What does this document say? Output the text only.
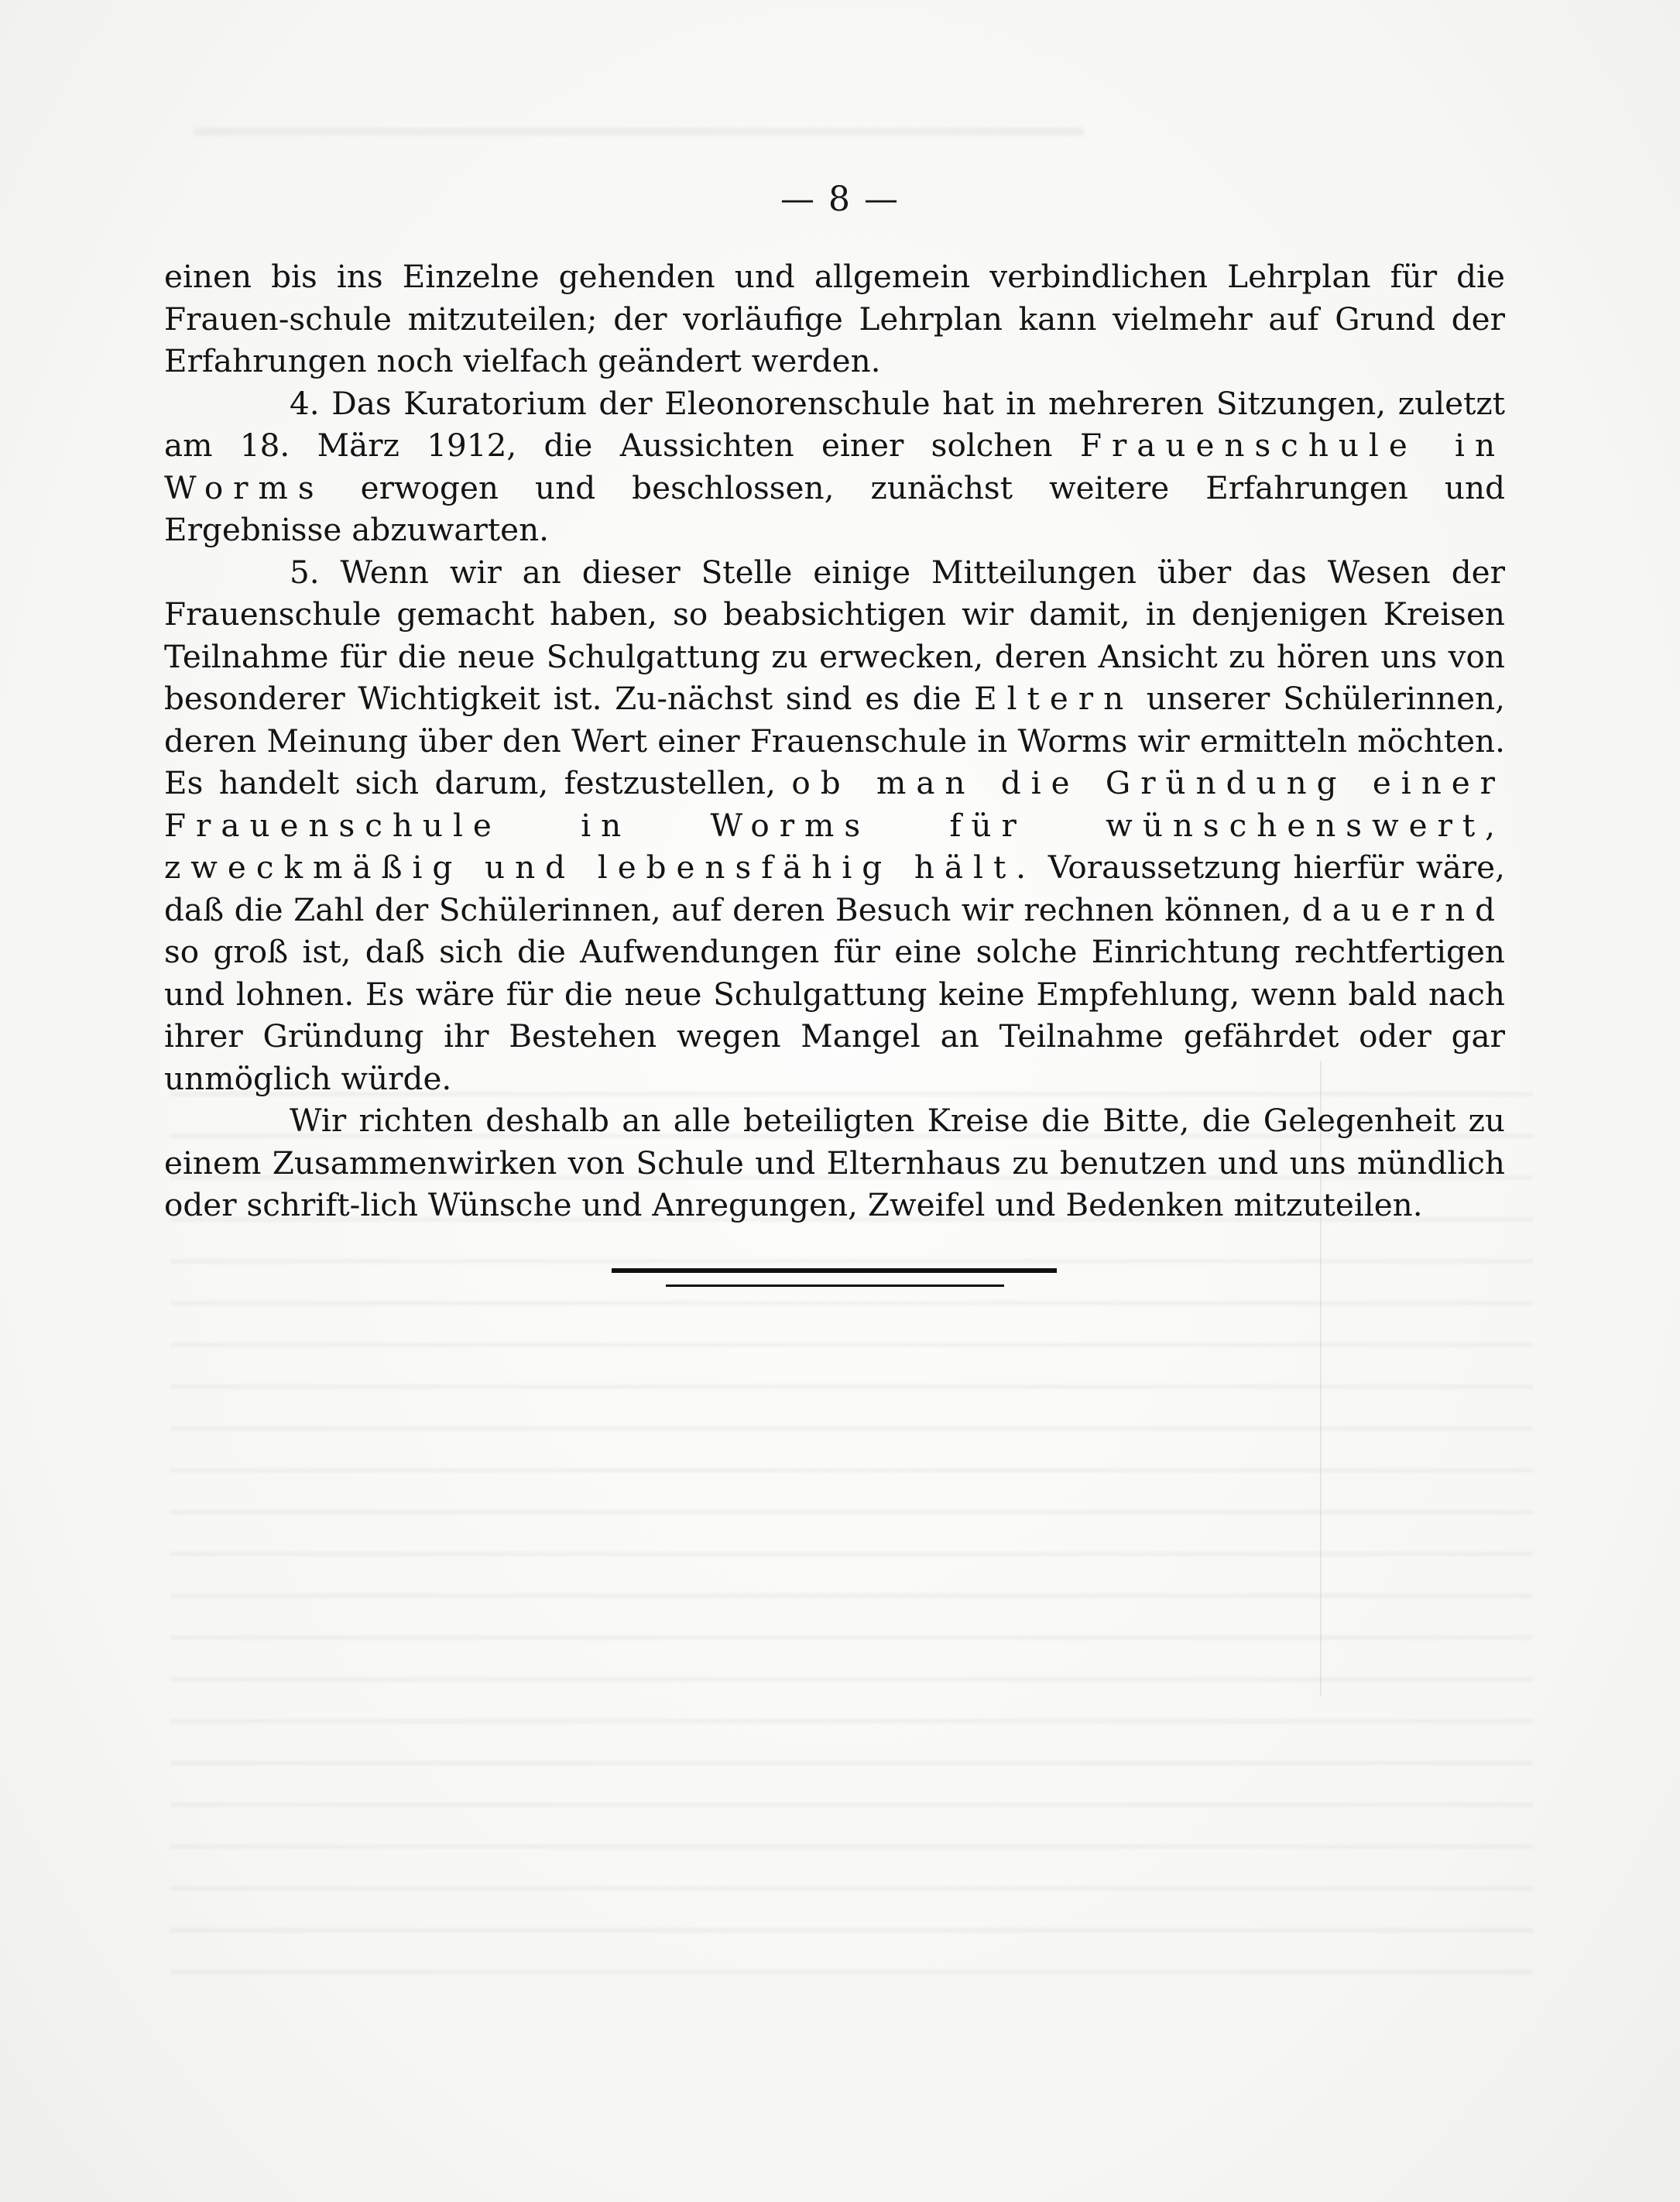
— 8 —

einen bis ins Einzelne gehenden und allgemein verbindlichen Lehrplan für die Frauen-schule mitzuteilen; der vorläufige Lehrplan kann vielmehr auf Grund der Erfahrungen noch vielfach geändert werden.

4. Das Kuratorium der Eleonorenschule hat in mehreren Sitzungen, zuletzt am 18. März 1912, die Aussichten einer solchen Frauenschule in Worms erwogen und beschlossen, zunächst weitere Erfahrungen und Ergebnisse abzuwarten.

5. Wenn wir an dieser Stelle einige Mitteilungen über das Wesen der Frauenschule gemacht haben, so beabsichtigen wir damit, in denjenigen Kreisen Teilnahme für die neue Schulgattung zu erwecken, deren Ansicht zu hören uns von besonderer Wichtigkeit ist. Zu-nächst sind es die Eltern unserer Schülerinnen, deren Meinung über den Wert einer Frauenschule in Worms wir ermitteln möchten. Es handelt sich darum, festzustellen, ob man die Gründung einer Frauenschule in Worms für wünschenswert, zweckmäßig und lebensfähig hält. Voraussetzung hierfür wäre, daß die Zahl der Schülerinnen, auf deren Besuch wir rechnen können, dauernd so groß ist, daß sich die Aufwendungen für eine solche Einrichtung rechtfertigen und lohnen. Es wäre für die neue Schulgattung keine Empfehlung, wenn bald nach ihrer Gründung ihr Bestehen wegen Mangel an Teilnahme gefährdet oder gar unmöglich würde.

Wir richten deshalb an alle beteiligten Kreise die Bitte, die Gelegenheit zu einem Zusammenwirken von Schule und Elternhaus zu benutzen und uns mündlich oder schrift-lich Wünsche und Anregungen, Zweifel und Bedenken mitzuteilen.
